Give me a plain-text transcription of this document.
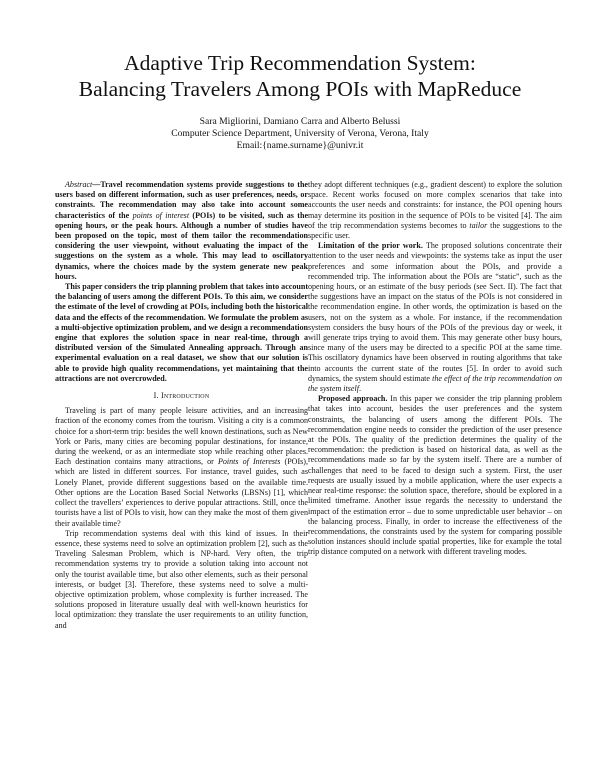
Adaptive Trip Recommendation System:
Balancing Travelers Among POIs with MapReduce
Sara Migliorini, Damiano Carra and Alberto Belussi
Computer Science Department, University of Verona, Verona, Italy
Email:{name.surname}@univr.it

Abstract—Travel recommendation systems provide suggestions to the users based on different information, such as user preferences, needs, or constraints. The recommendation may also take into account some characteristics of the points of interest (POIs) to be visited, such as the opening hours, or the peak hours. Although a number of studies have been proposed on the topic, most of them tailor the recommendation considering the user viewpoint, without evaluating the impact of the suggestions on the system as a whole. This may lead to oscillatory dynamics, where the choices made by the system generate new peak hours.

This paper considers the trip planning problem that takes into account the balancing of users among the different POIs. To this aim, we consider the estimate of the level of crowding at POIs, including both the historical data and the effects of the recommendation. We formulate the problem as a multi-objective optimization problem, and we design a recommendation engine that explores the solution space in near real-time, through a distributed version of the Simulated Annealing approach. Through an experimental evaluation on a real dataset, we show that our solution is able to provide high quality recommendations, yet maintaining that the attractions are not overcrowded.

I. Introduction

Traveling is part of many people leisure activities, and an increasing fraction of the economy comes from the tourism. Visiting a city is a common choice for a short-term trip: besides the well known destinations, such as New York or Paris, many cities are becoming popular destinations, for instance, during the weekend, or as an intermediate stop while reaching other places. Each destination contains many attractions, or Points of Interests (POIs), which are listed in different sources. For instance, travel guides, such as Lonely Planet, provide different suggestions based on the available time. Other options are the Location Based Social Networks (LBSNs) [1], which collect the travellers’ experiences to derive popular attractions. Still, once the tourists have a list of POIs to visit, how can they make the most of them given their available time?

Trip recommendation systems deal with this kind of issues. In their essence, these systems need to solve an optimization problem [2], such as the Traveling Salesman Problem, which is NP-hard. Very often, the trip recommendation systems try to provide a solution taking into account not only the tourist available time, but also other elements, such as their personal interests, or budget [3]. Therefore, these systems need to solve a multi-objective optimization problem, whose complexity is further increased. The solutions proposed in literature usually deal with well-known heuristics for local optimization: they translate the user requirements to an utility function, and

they adopt different techniques (e.g., gradient descent) to explore the solution space. Recent works focused on more complex scenarios that take into accounts the user needs and constraints: for instance, the POI opening hours may determine its position in the sequence of POIs to be visited [4]. The aim of the trip recommendation systems becomes to tailor the suggestions to the specific user.

Limitation of the prior work. The proposed solutions concentrate their attention to the user needs and viewpoints: the systems take as input the user preferences and some information about the POIs, and provide a recommended trip. The information about the POIs are “static”, such as the opening hours, or an estimate of the busy periods (see Sect. II). The fact that the suggestions have an impact on the status of the POIs is not considered in the recommendation engine. In other words, the optimization is based on the users, not on the system as a whole. For instance, if the recommendation system considers the busy hours of the POIs of the previous day or week, it will generate trips trying to avoid them. This may generate other busy hours, since many of the users may be directed to a specific POI at the same time. This oscillatory dynamics have been observed in routing algorithms that take into accounts the current state of the routes [5]. In order to avoid such dynamics, the system should estimate the effect of the trip recommendation on the system itself.

Proposed approach. In this paper we consider the trip planning problem that takes into account, besides the user preferences and the system constraints, the balancing of users among the different POIs. The recommendation engine needs to consider the prediction of the user presence at the POIs. The quality of the prediction determines the quality of the recommendation: the prediction is based on historical data, as well as the recommendations made so far by the system itself. There are a number of challenges that need to be faced to design such a system. First, the user requests are usually issued by a mobile application, where the user expects a near real-time response: the solution space, therefore, should be explored in a limited timeframe. Another issue regards the necessity to understand the impact of the estimation error – due to some unpredictable user behavior – on the balancing process. Finally, in order to increase the effectiveness of the recommendations, the constraints used by the system for comparing possible solution instances should include spatial properties, like for example the total trip distance computed on a network with different traveling modes.
